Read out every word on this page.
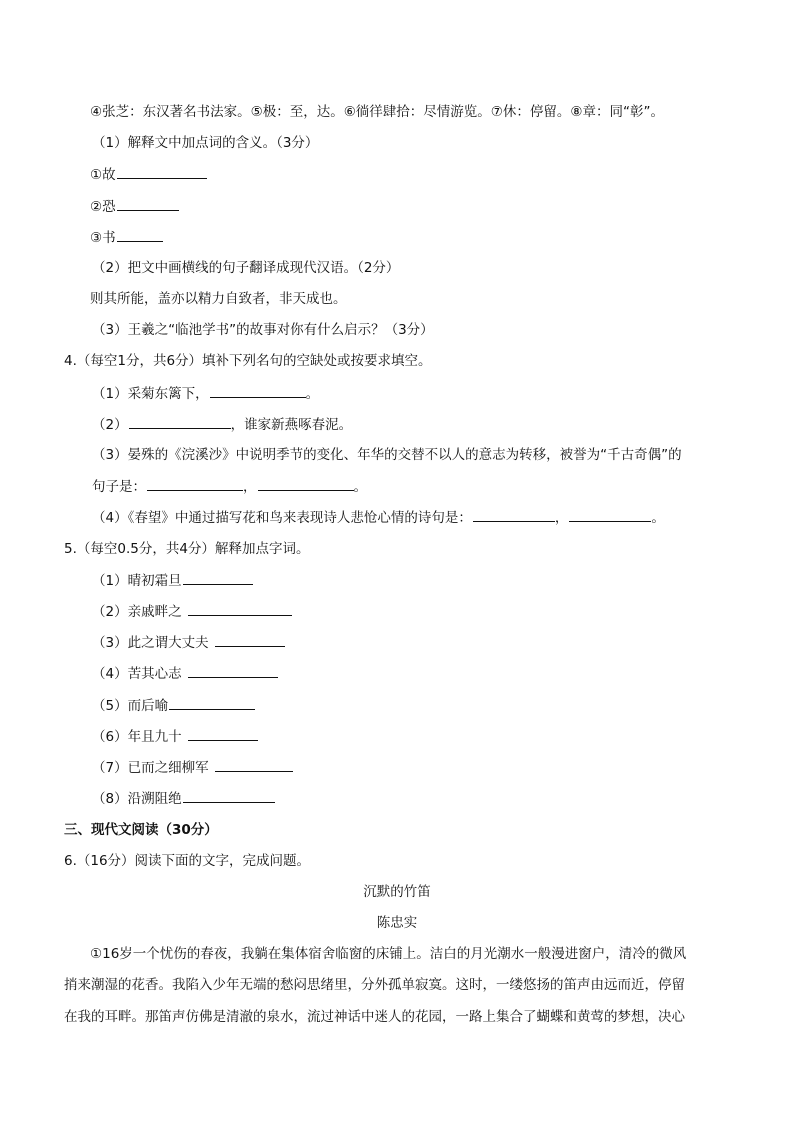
④张芝：东汉著名书法家。⑤极：至，达。⑥徜徉肆拾：尽情游览。⑦休：停留。⑧章：同“彰”。
（1）解释文中加点词的含义。（3分）
①故
②恐
③书
（2）把文中画横线的句子翻译成现代汉语。（2分）
则其所能，盖亦以精力自致者，非天成也。
（3）王羲之“临池学书”的故事对你有什么启示？（3分）
4.（每空1分，共6分）填补下列名句的空缺处或按要求填空。
（1）采菊东篱下，	。
（2）	，谁家新燕啄春泥。
（3）晏殊的《浣溪沙》中说明季节的变化、年华的交替不以人的意志为转移，被誉为“千古奇偶”的
句子是：	，	。
（4）《春望》中通过描写花和鸟来表现诗人悲怆心情的诗句是：	，	。
5.（每空0.5分，共4分）解释加点字词。
（1）晴初霜旦
（2）亲戚畔之
（3）此之谓大丈夫
（4）苦其心志
（5）而后喻
（6）年且九十
（7）已而之细柳军
（8）沿溯阻绝
三、现代文阅读（30分）
6.（16分）阅读下面的文字，完成问题。
沉默的竹笛
陈忠实
①16岁一个忧伤的春夜，我躺在集体宿舍临窗的床铺上。洁白的月光潮水一般漫进窗户，清冷的微风
捎来潮湿的花香。我陷入少年无端的愁闷思绪里，分外孤单寂寞。这时，一缕悠扬的笛声由远而近，停留
在我的耳畔。那笛声仿佛是清澈的泉水，流过神话中迷人的花园，一路上集合了蝴蝶和黄莺的梦想，决心
